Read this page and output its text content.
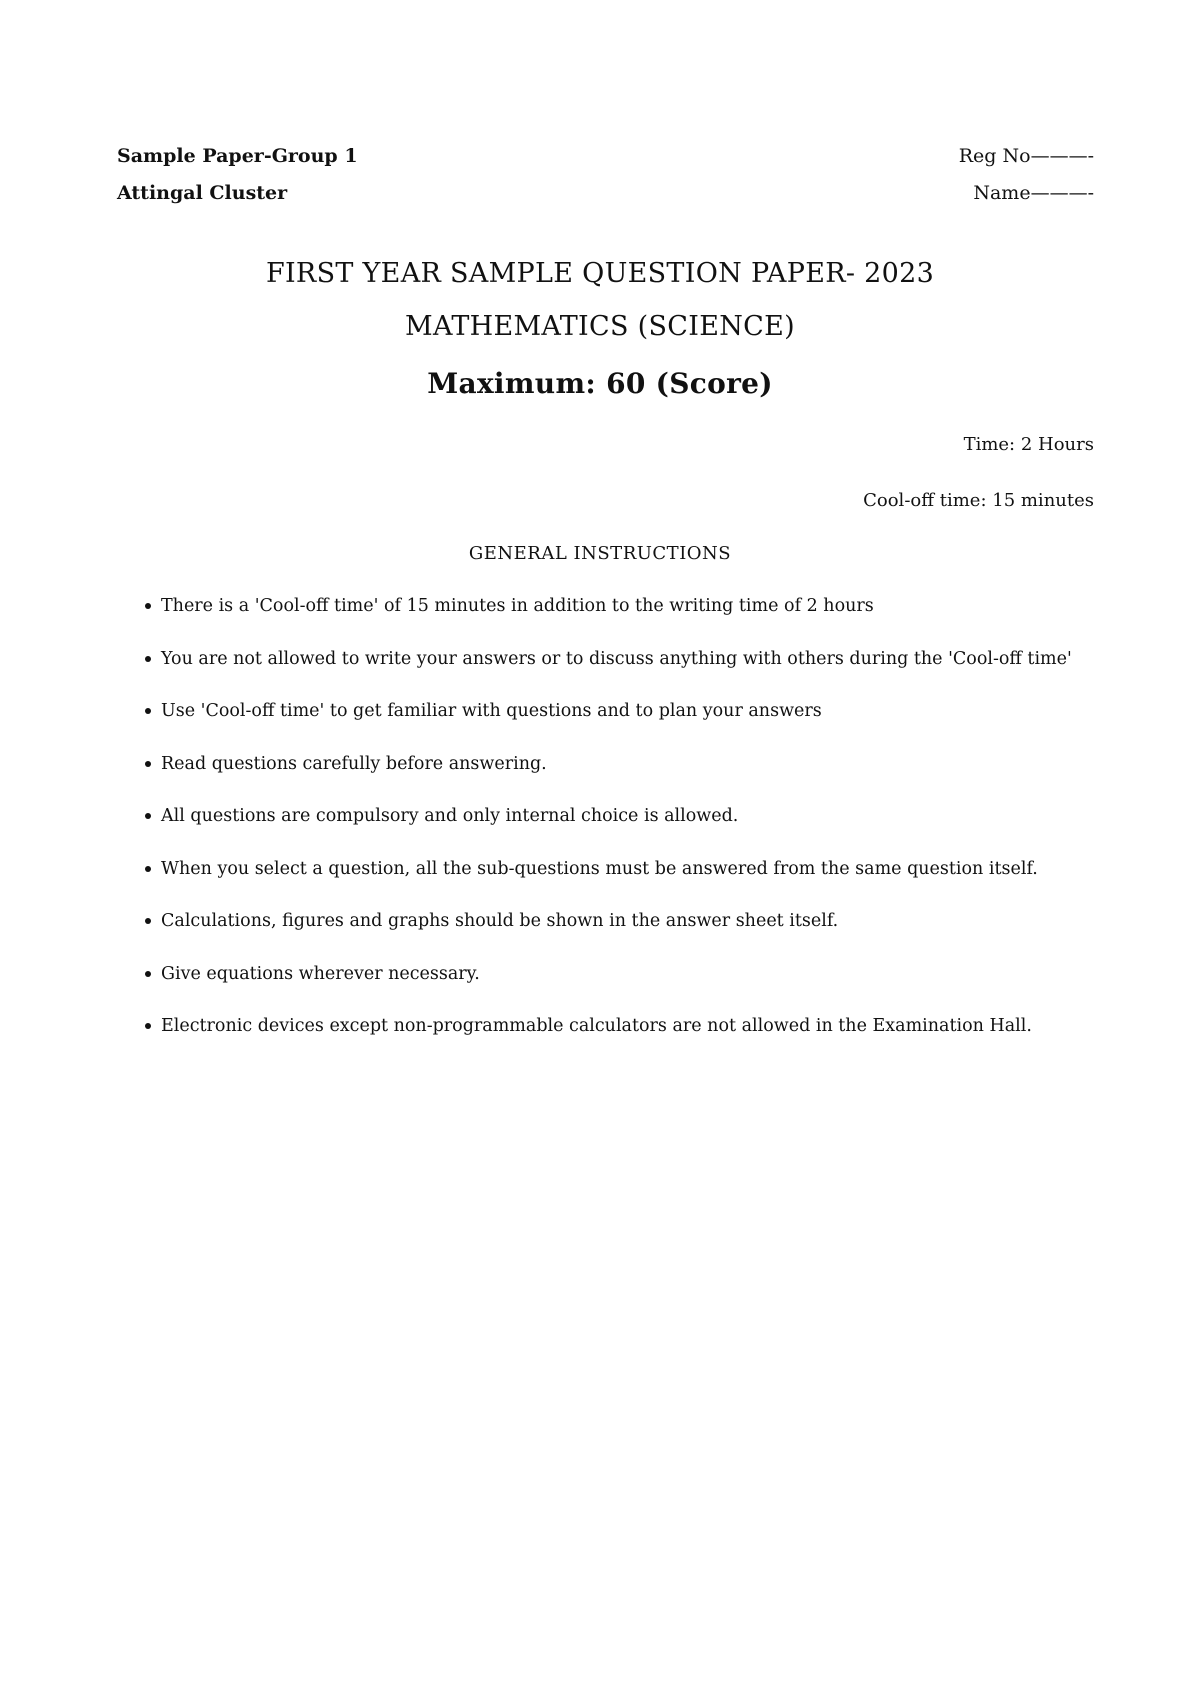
Sample Paper-Group 1	Reg No———-
Attingal Cluster	Name———-
FIRST YEAR SAMPLE QUESTION PAPER- 2023
MATHEMATICS (SCIENCE)
Maximum: 60 (Score)
Time: 2 Hours
Cool-off time: 15 minutes
GENERAL INSTRUCTIONS
There is a 'Cool-off time' of 15 minutes in addition to the writing time of 2 hours
You are not allowed to write your answers or to discuss anything with others during the 'Cool-off time'
Use 'Cool-off time' to get familiar with questions and to plan your answers
Read questions carefully before answering.
All questions are compulsory and only internal choice is allowed.
When you select a question, all the sub-questions must be answered from the same question itself.
Calculations, figures and graphs should be shown in the answer sheet itself.
Give equations wherever necessary.
Electronic devices except non-programmable calculators are not allowed in the Examination Hall.
